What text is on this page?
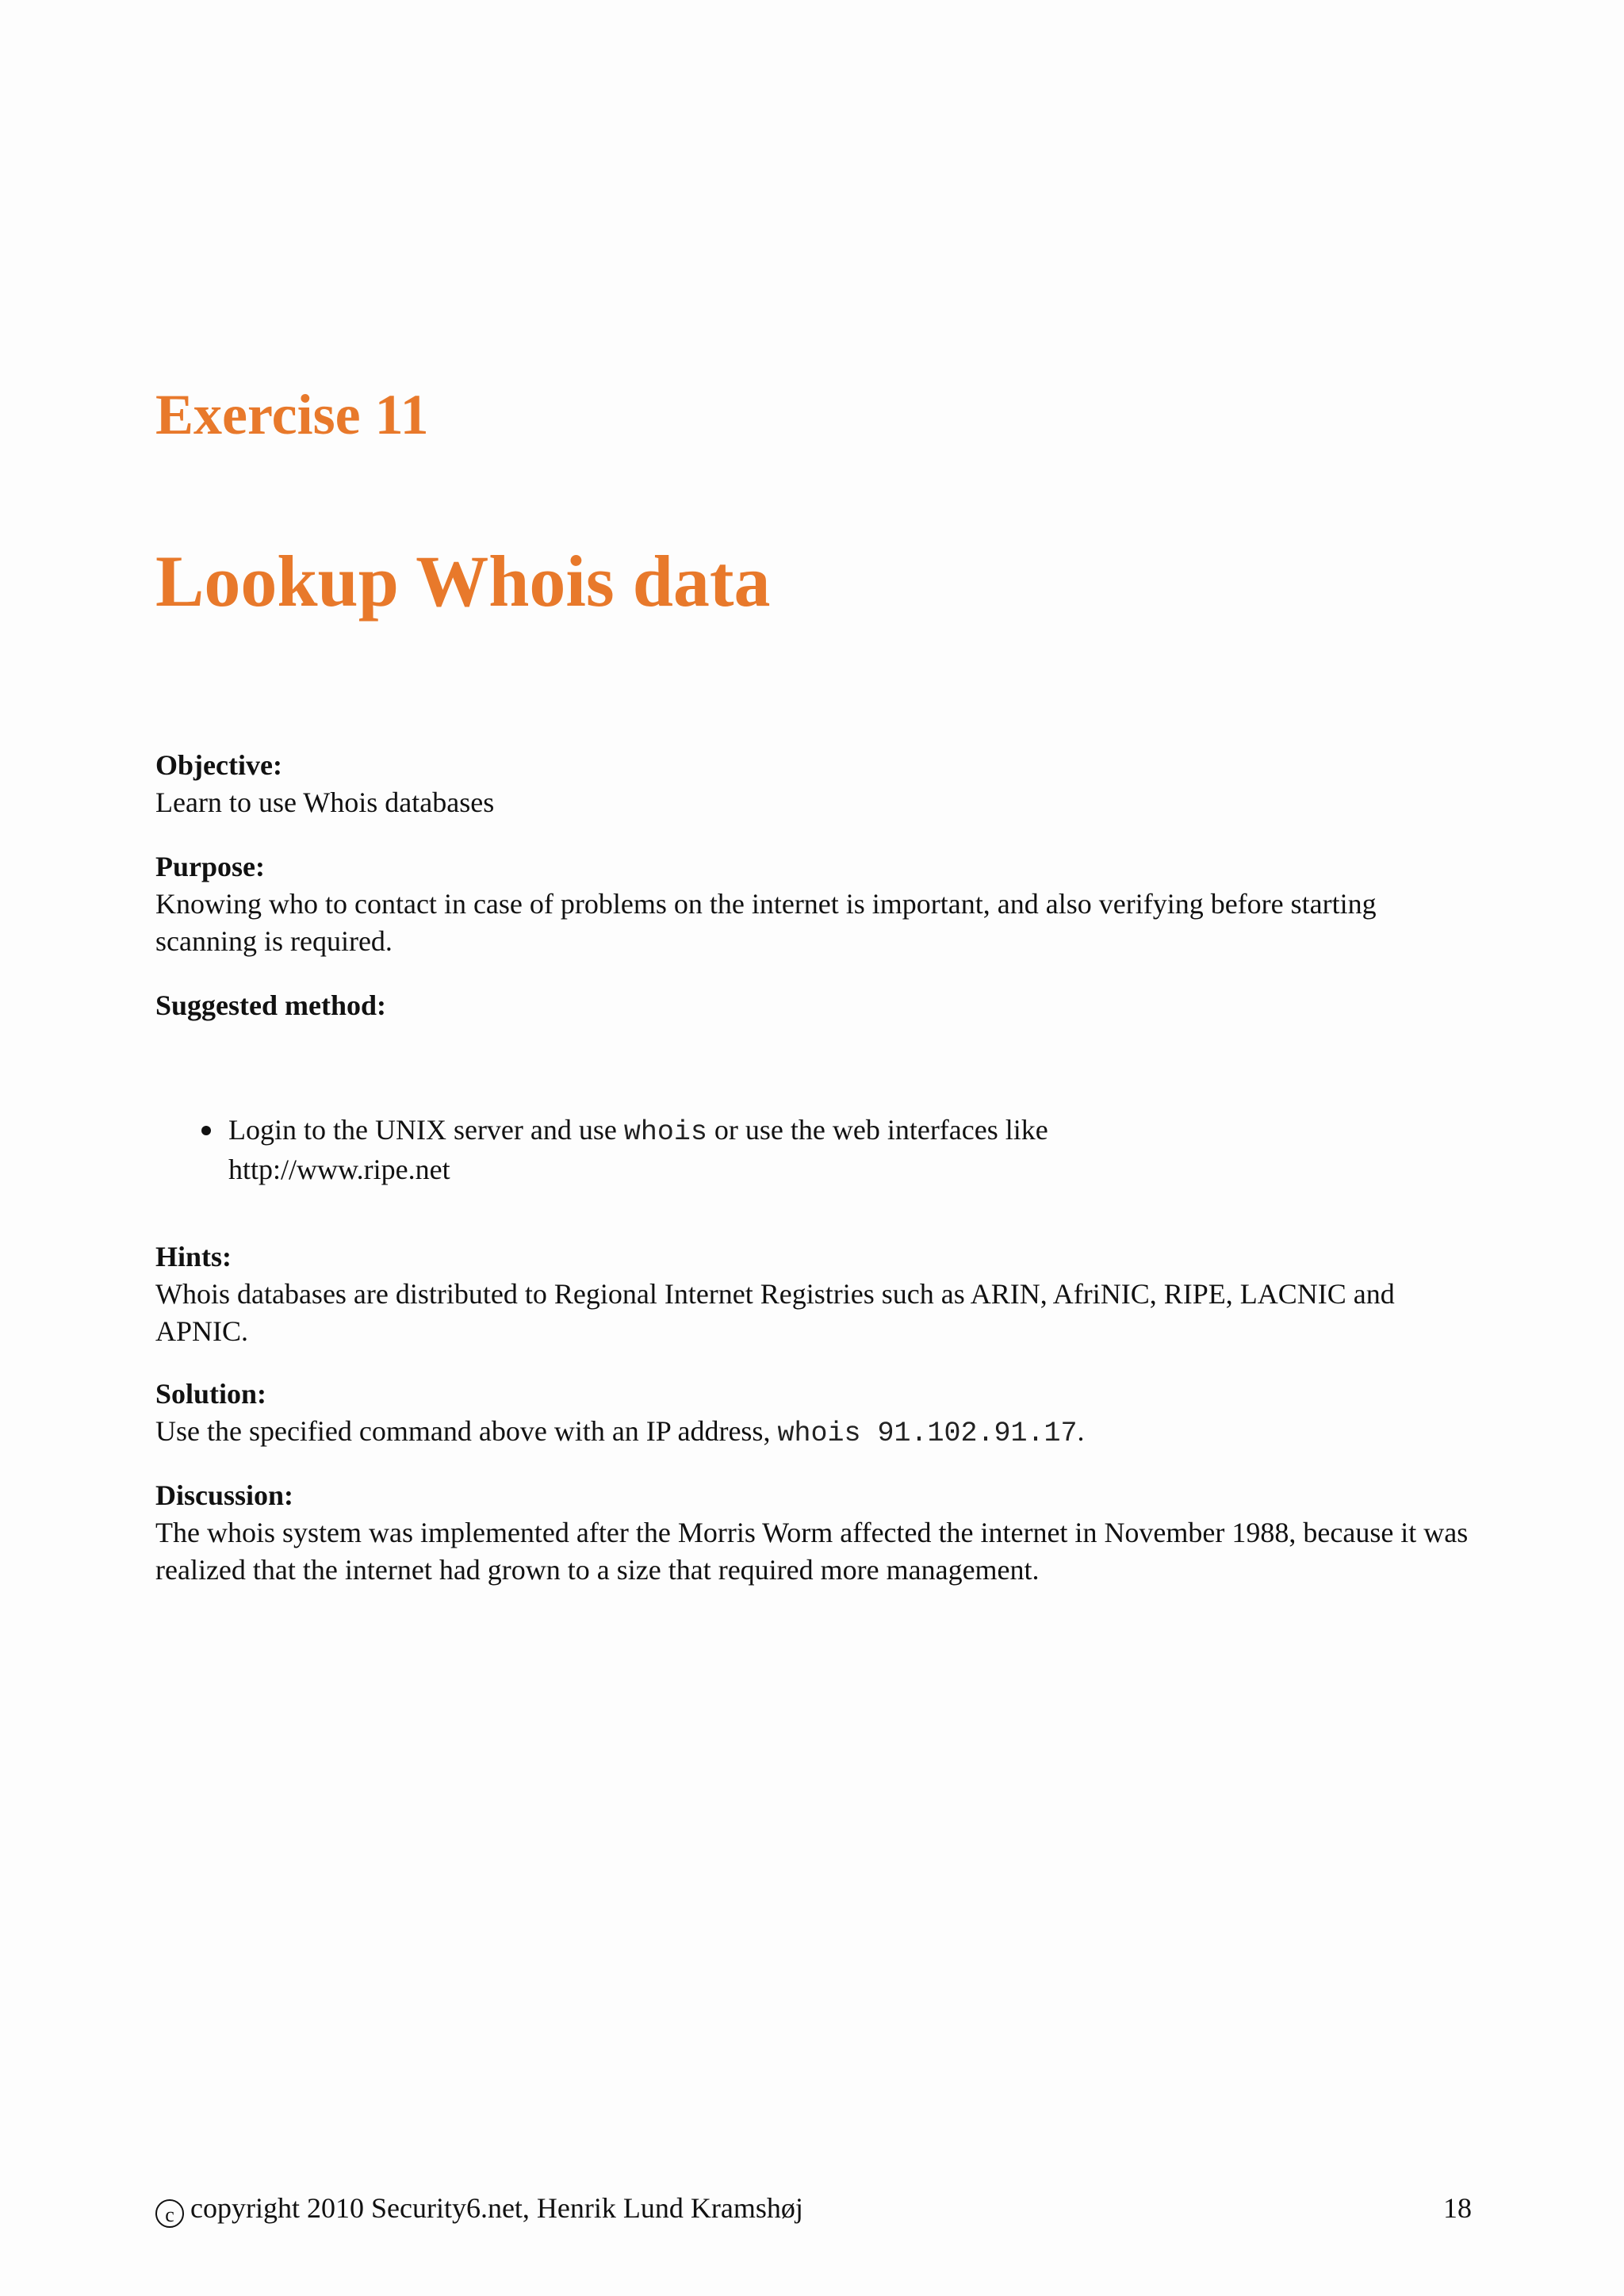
Exercise 11
Lookup Whois data
Objective:
Learn to use Whois databases
Purpose:
Knowing who to contact in case of problems on the internet is important, and also verifying before starting scanning is required.
Suggested method:
Login to the UNIX server and use whois or use the web interfaces like
http://www.ripe.net
Hints:
Whois databases are distributed to Regional Internet Registries such as ARIN, AfriNIC, RIPE, LACNIC and APNIC.
Solution:
Use the specified command above with an IP address, whois 91.102.91.17.
Discussion:
The whois system was implemented after the Morris Worm affected the internet in November 1988, because it was realized that the internet had grown to a size that required more management.
c copyright 2010 Security6.net, Henrik Lund Kramshøj	18
